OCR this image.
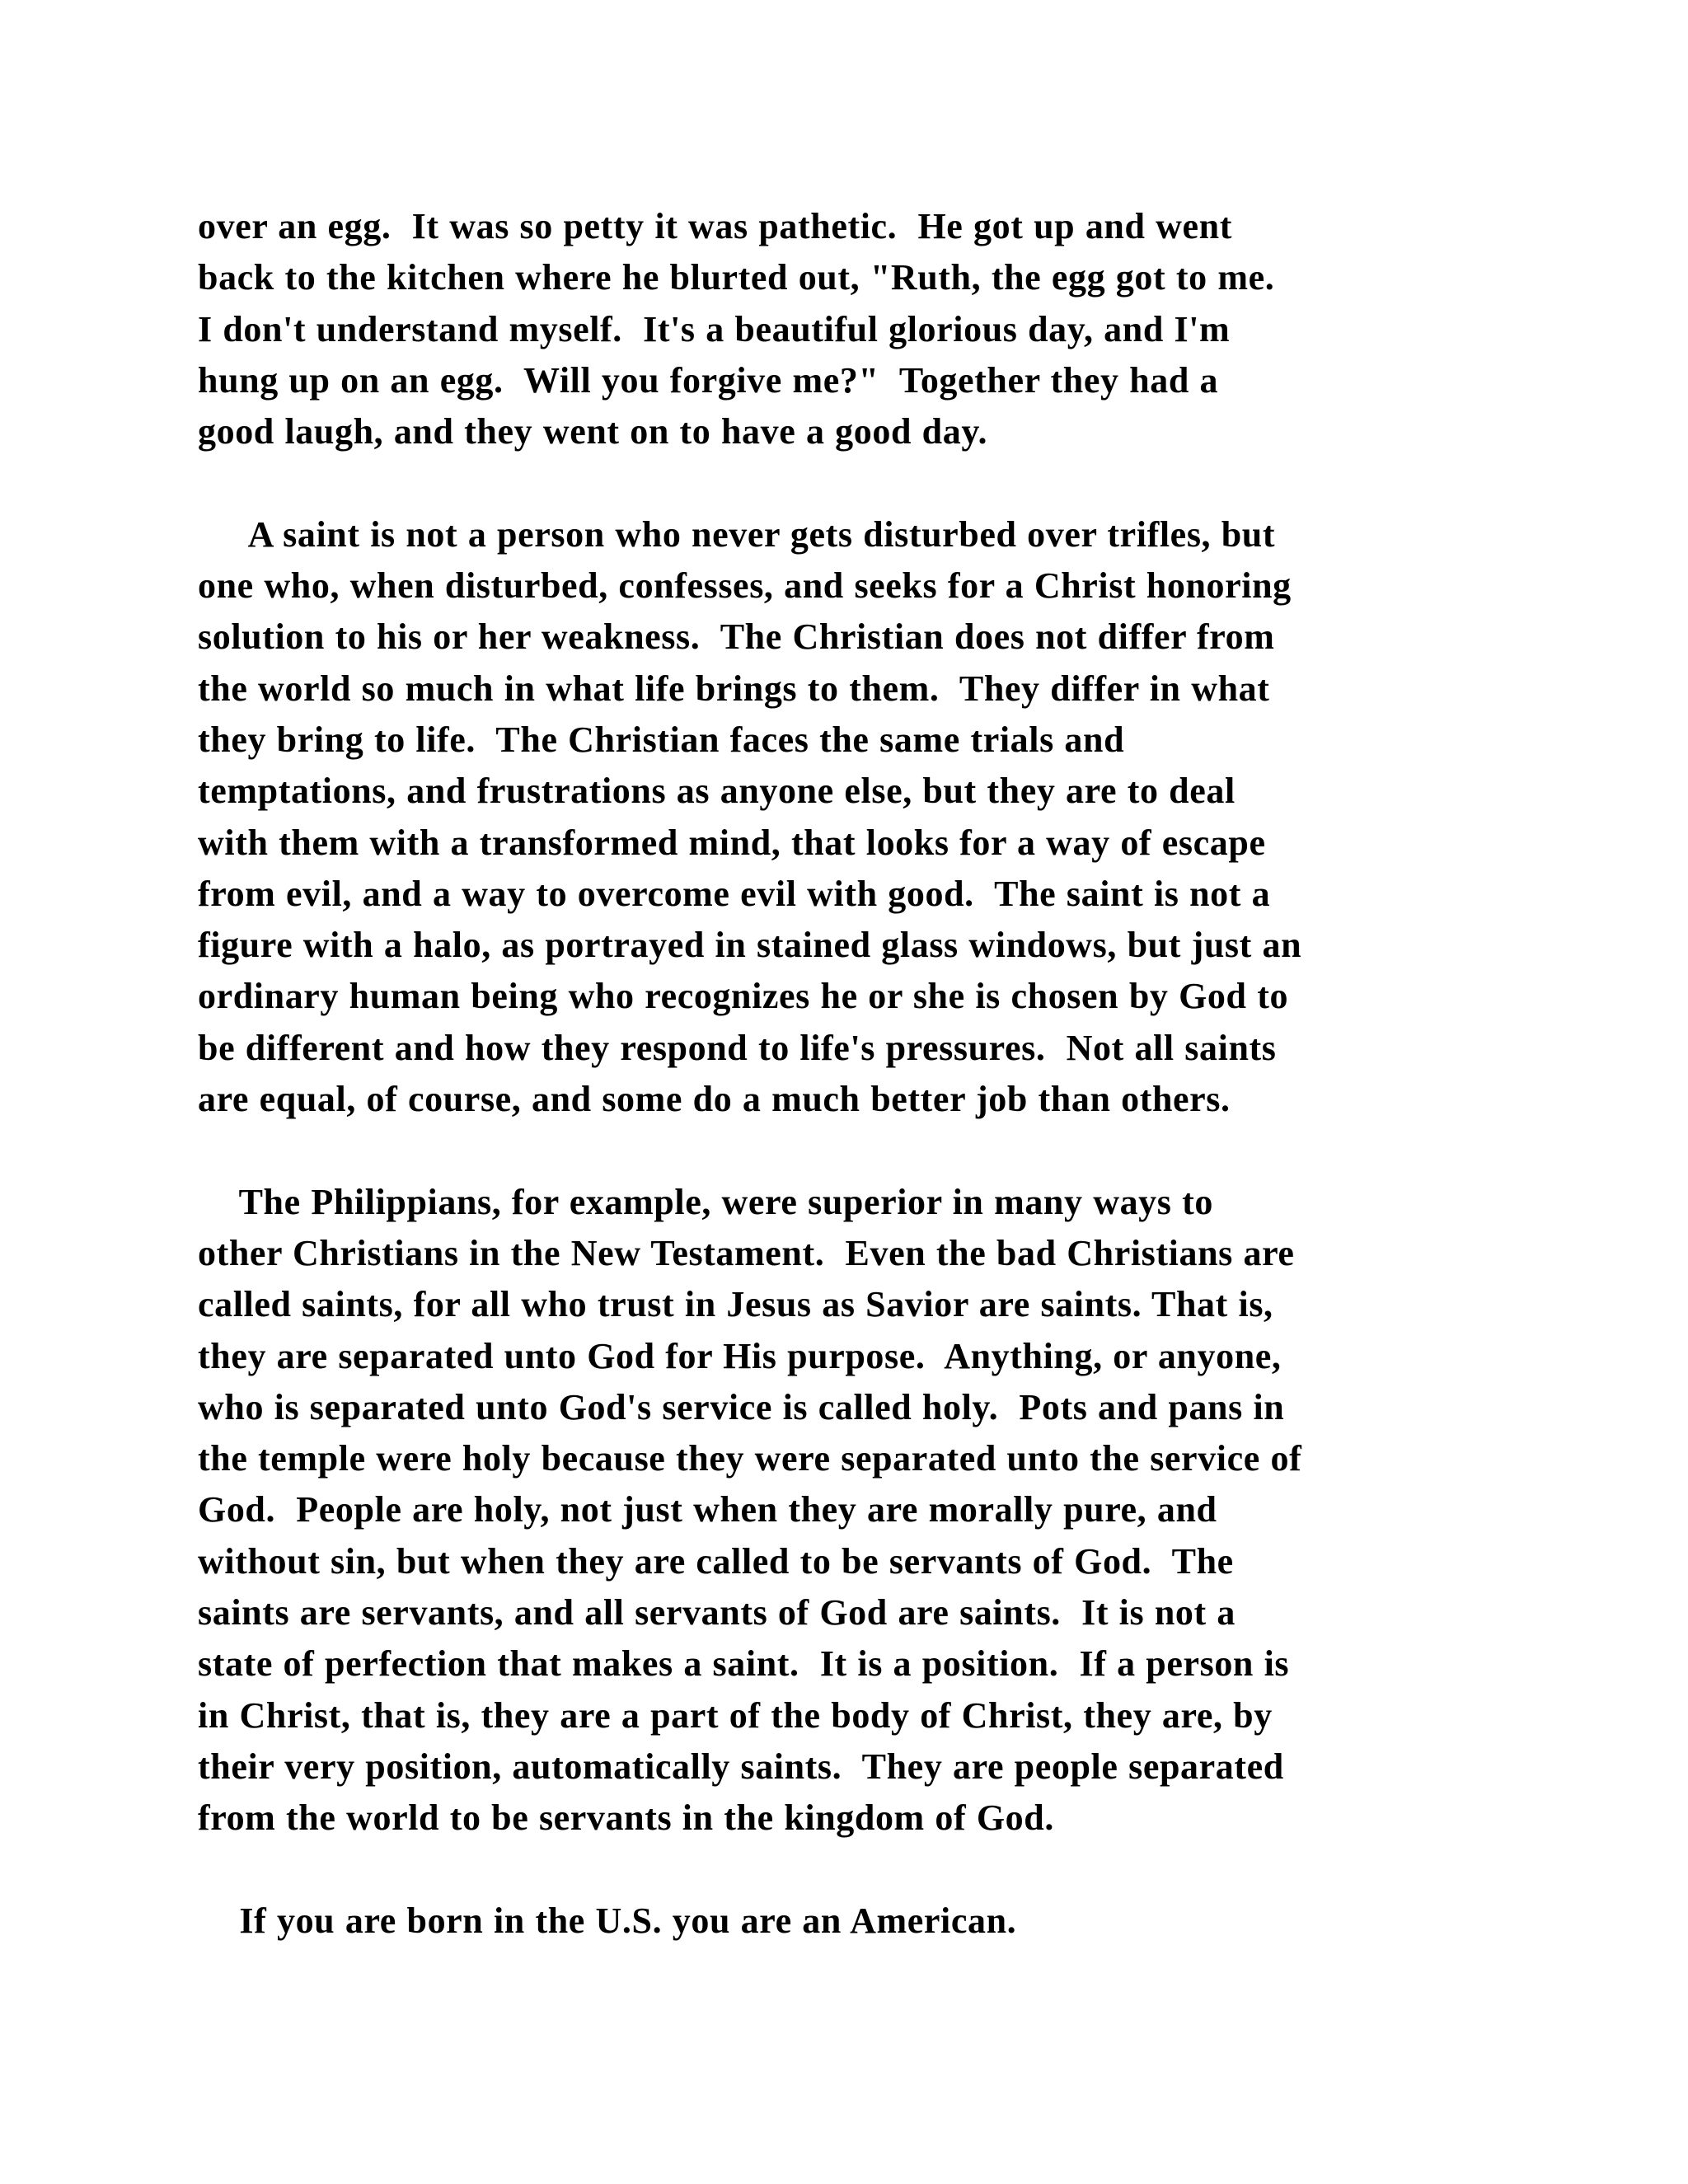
over an egg.  It was so petty it was pathetic.  He got up and went
back to the kitchen where he blurted out, "Ruth, the egg got to me.
I don't understand myself.  It's a beautiful glorious day, and I'm
hung up on an egg.  Will you forgive me?"  Together they had a
good laugh, and they went on to have a good day.
A saint is not a person who never gets disturbed over trifles, but
one who, when disturbed, confesses, and seeks for a Christ honoring
solution to his or her weakness.  The Christian does not differ from
the world so much in what life brings to them.  They differ in what
they bring to life.  The Christian faces the same trials and
temptations, and frustrations as anyone else, but they are to deal
with them with a transformed mind, that looks for a way of escape
from evil, and a way to overcome evil with good.  The saint is not a
figure with a halo, as portrayed in stained glass windows, but just an
ordinary human being who recognizes he or she is chosen by God to
be different and how they respond to life's pressures.  Not all saints
are equal, of course, and some do a much better job than others.
The Philippians, for example, were superior in many ways to
other Christians in the New Testament.  Even the bad Christians are
called saints, for all who trust in Jesus as Savior are saints. That is,
they are separated unto God for His purpose.  Anything, or anyone,
who is separated unto God's service is called holy.  Pots and pans in
the temple were holy because they were separated unto the service of
God.  People are holy, not just when they are morally pure, and
without sin, but when they are called to be servants of God.  The
saints are servants, and all servants of God are saints.  It is not a
state of perfection that makes a saint.  It is a position.  If a person is
in Christ, that is, they are a part of the body of Christ, they are, by
their very position, automatically saints.  They are people separated
from the world to be servants in the kingdom of God.
If you are born in the U.S. you are an American.
